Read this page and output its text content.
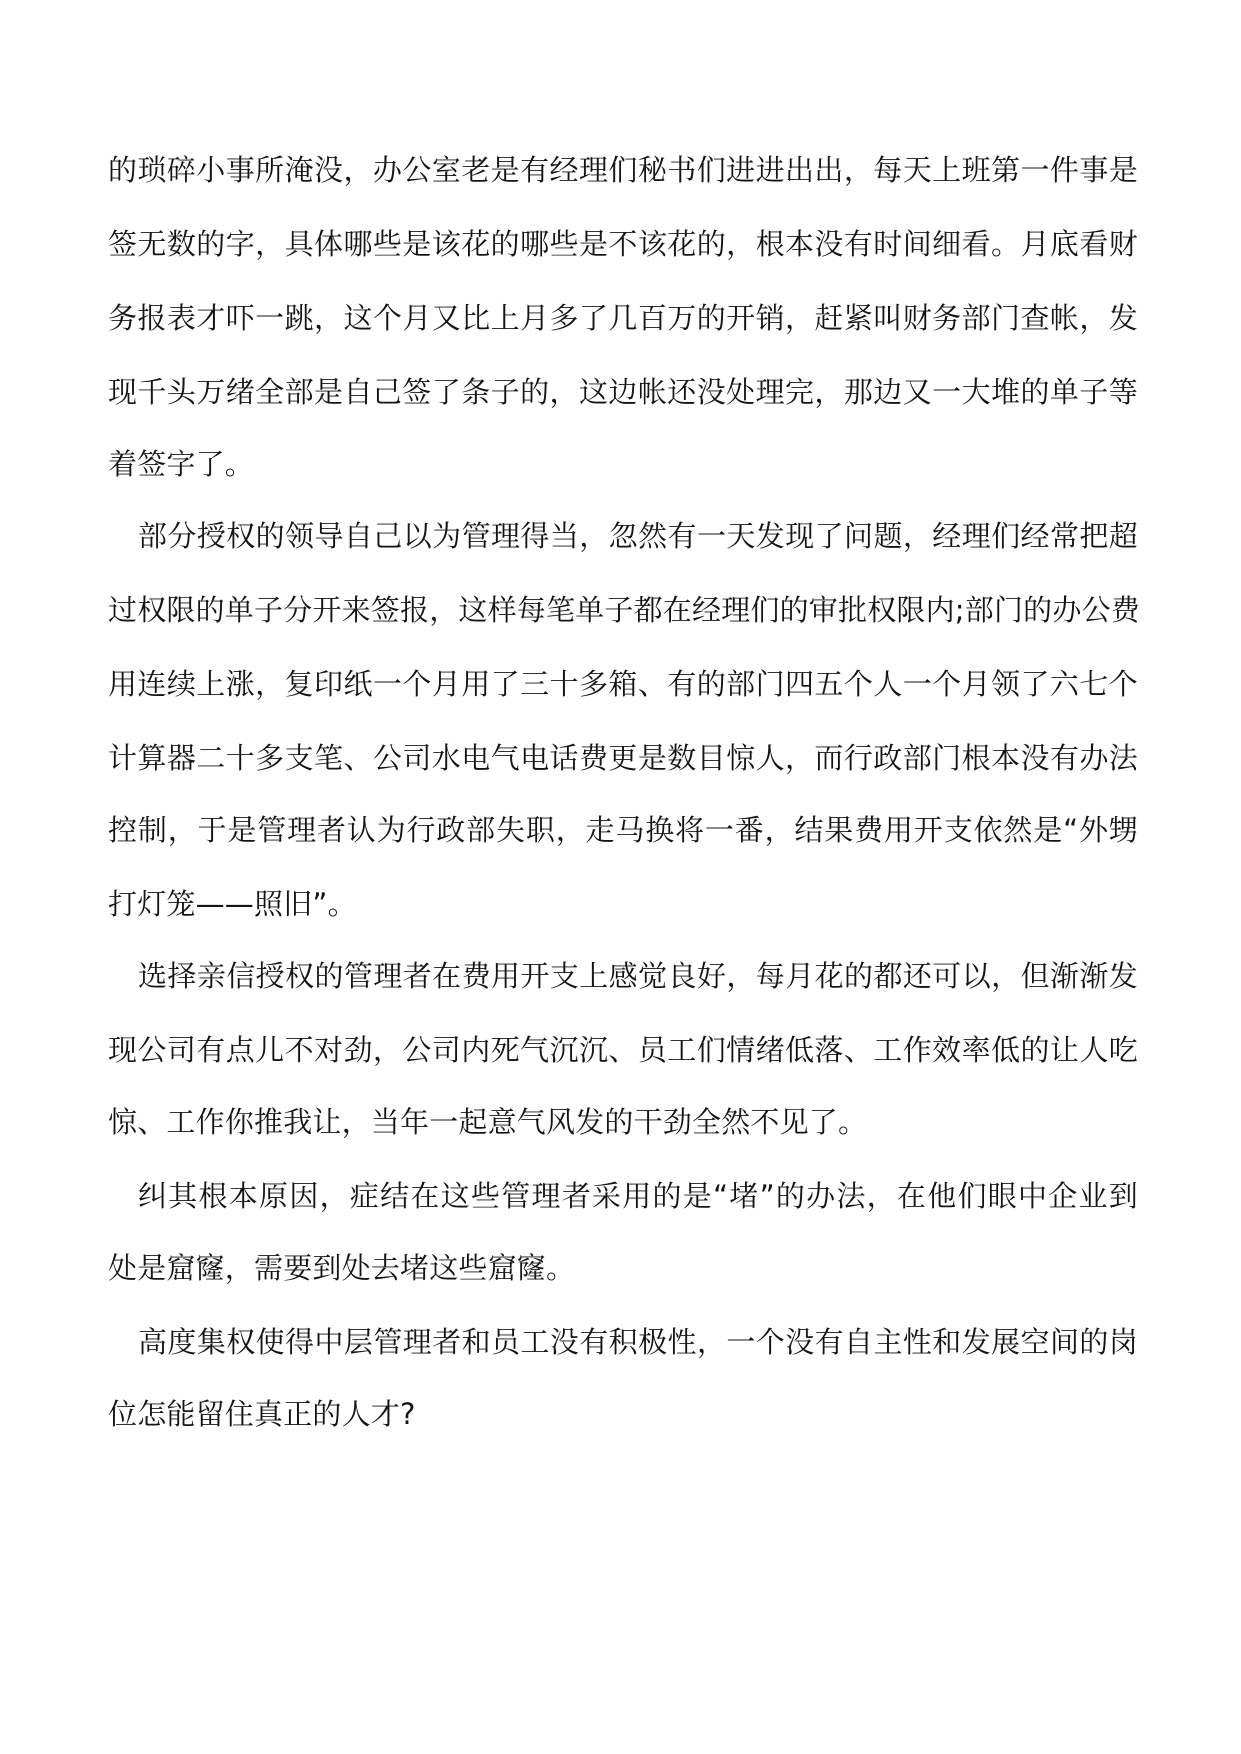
的琐碎小事所淹没，办公室老是有经理们秘书们进进出出，每天上班第一件事是
签无数的字，具体哪些是该花的哪些是不该花的，根本没有时间细看。月底看财
务报表才吓一跳，这个月又比上月多了几百万的开销，赶紧叫财务部门查帐，发
现千头万绪全部是自己签了条子的，这边帐还没处理完，那边又一大堆的单子等
着签字了。
部分授权的领导自己以为管理得当，忽然有一天发现了问题，经理们经常把超
过权限的单子分开来签报，这样每笔单子都在经理们的审批权限内;部门的办公费
用连续上涨，复印纸一个月用了三十多箱、有的部门四五个人一个月领了六七个
计算器二十多支笔、公司水电气电话费更是数目惊人，而行政部门根本没有办法
控制，于是管理者认为行政部失职，走马换将一番，结果费用开支依然是“外甥
打灯笼——照旧”。
选择亲信授权的管理者在费用开支上感觉良好，每月花的都还可以，但渐渐发
现公司有点儿不对劲，公司内死气沉沉、员工们情绪低落、工作效率低的让人吃
惊、工作你推我让，当年一起意气风发的干劲全然不见了。
纠其根本原因，症结在这些管理者采用的是“堵”的办法，在他们眼中企业到
处是窟窿，需要到处去堵这些窟窿。
高度集权使得中层管理者和员工没有积极性，一个没有自主性和发展空间的岗
位怎能留住真正的人才?
